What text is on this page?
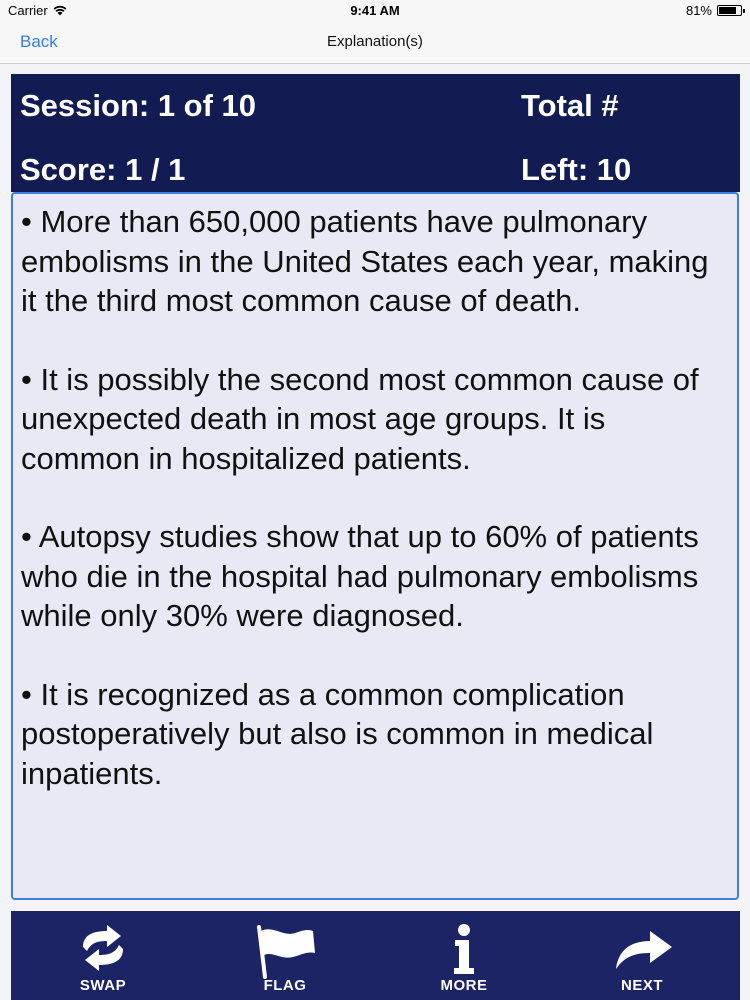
Carrier	9:41 AM	81%
Back	Explanation(s)
Session: 1 of 10	Total #
Score: 1 / 1	Left: 10

• More than 650,000 patients have pulmonary embolisms in the United States each year, making it the third most common cause of death.

• It is possibly the second most common cause of unexpected death in most age groups. It is common in hospitalized patients.

• Autopsy studies show that up to 60% of patients who die in the hospital had pulmonary embolisms while only 30% were diagnosed.

• It is recognized as a common complication postoperatively but also is common in medical inpatients.

SWAP	FLAG	MORE	NEXT
